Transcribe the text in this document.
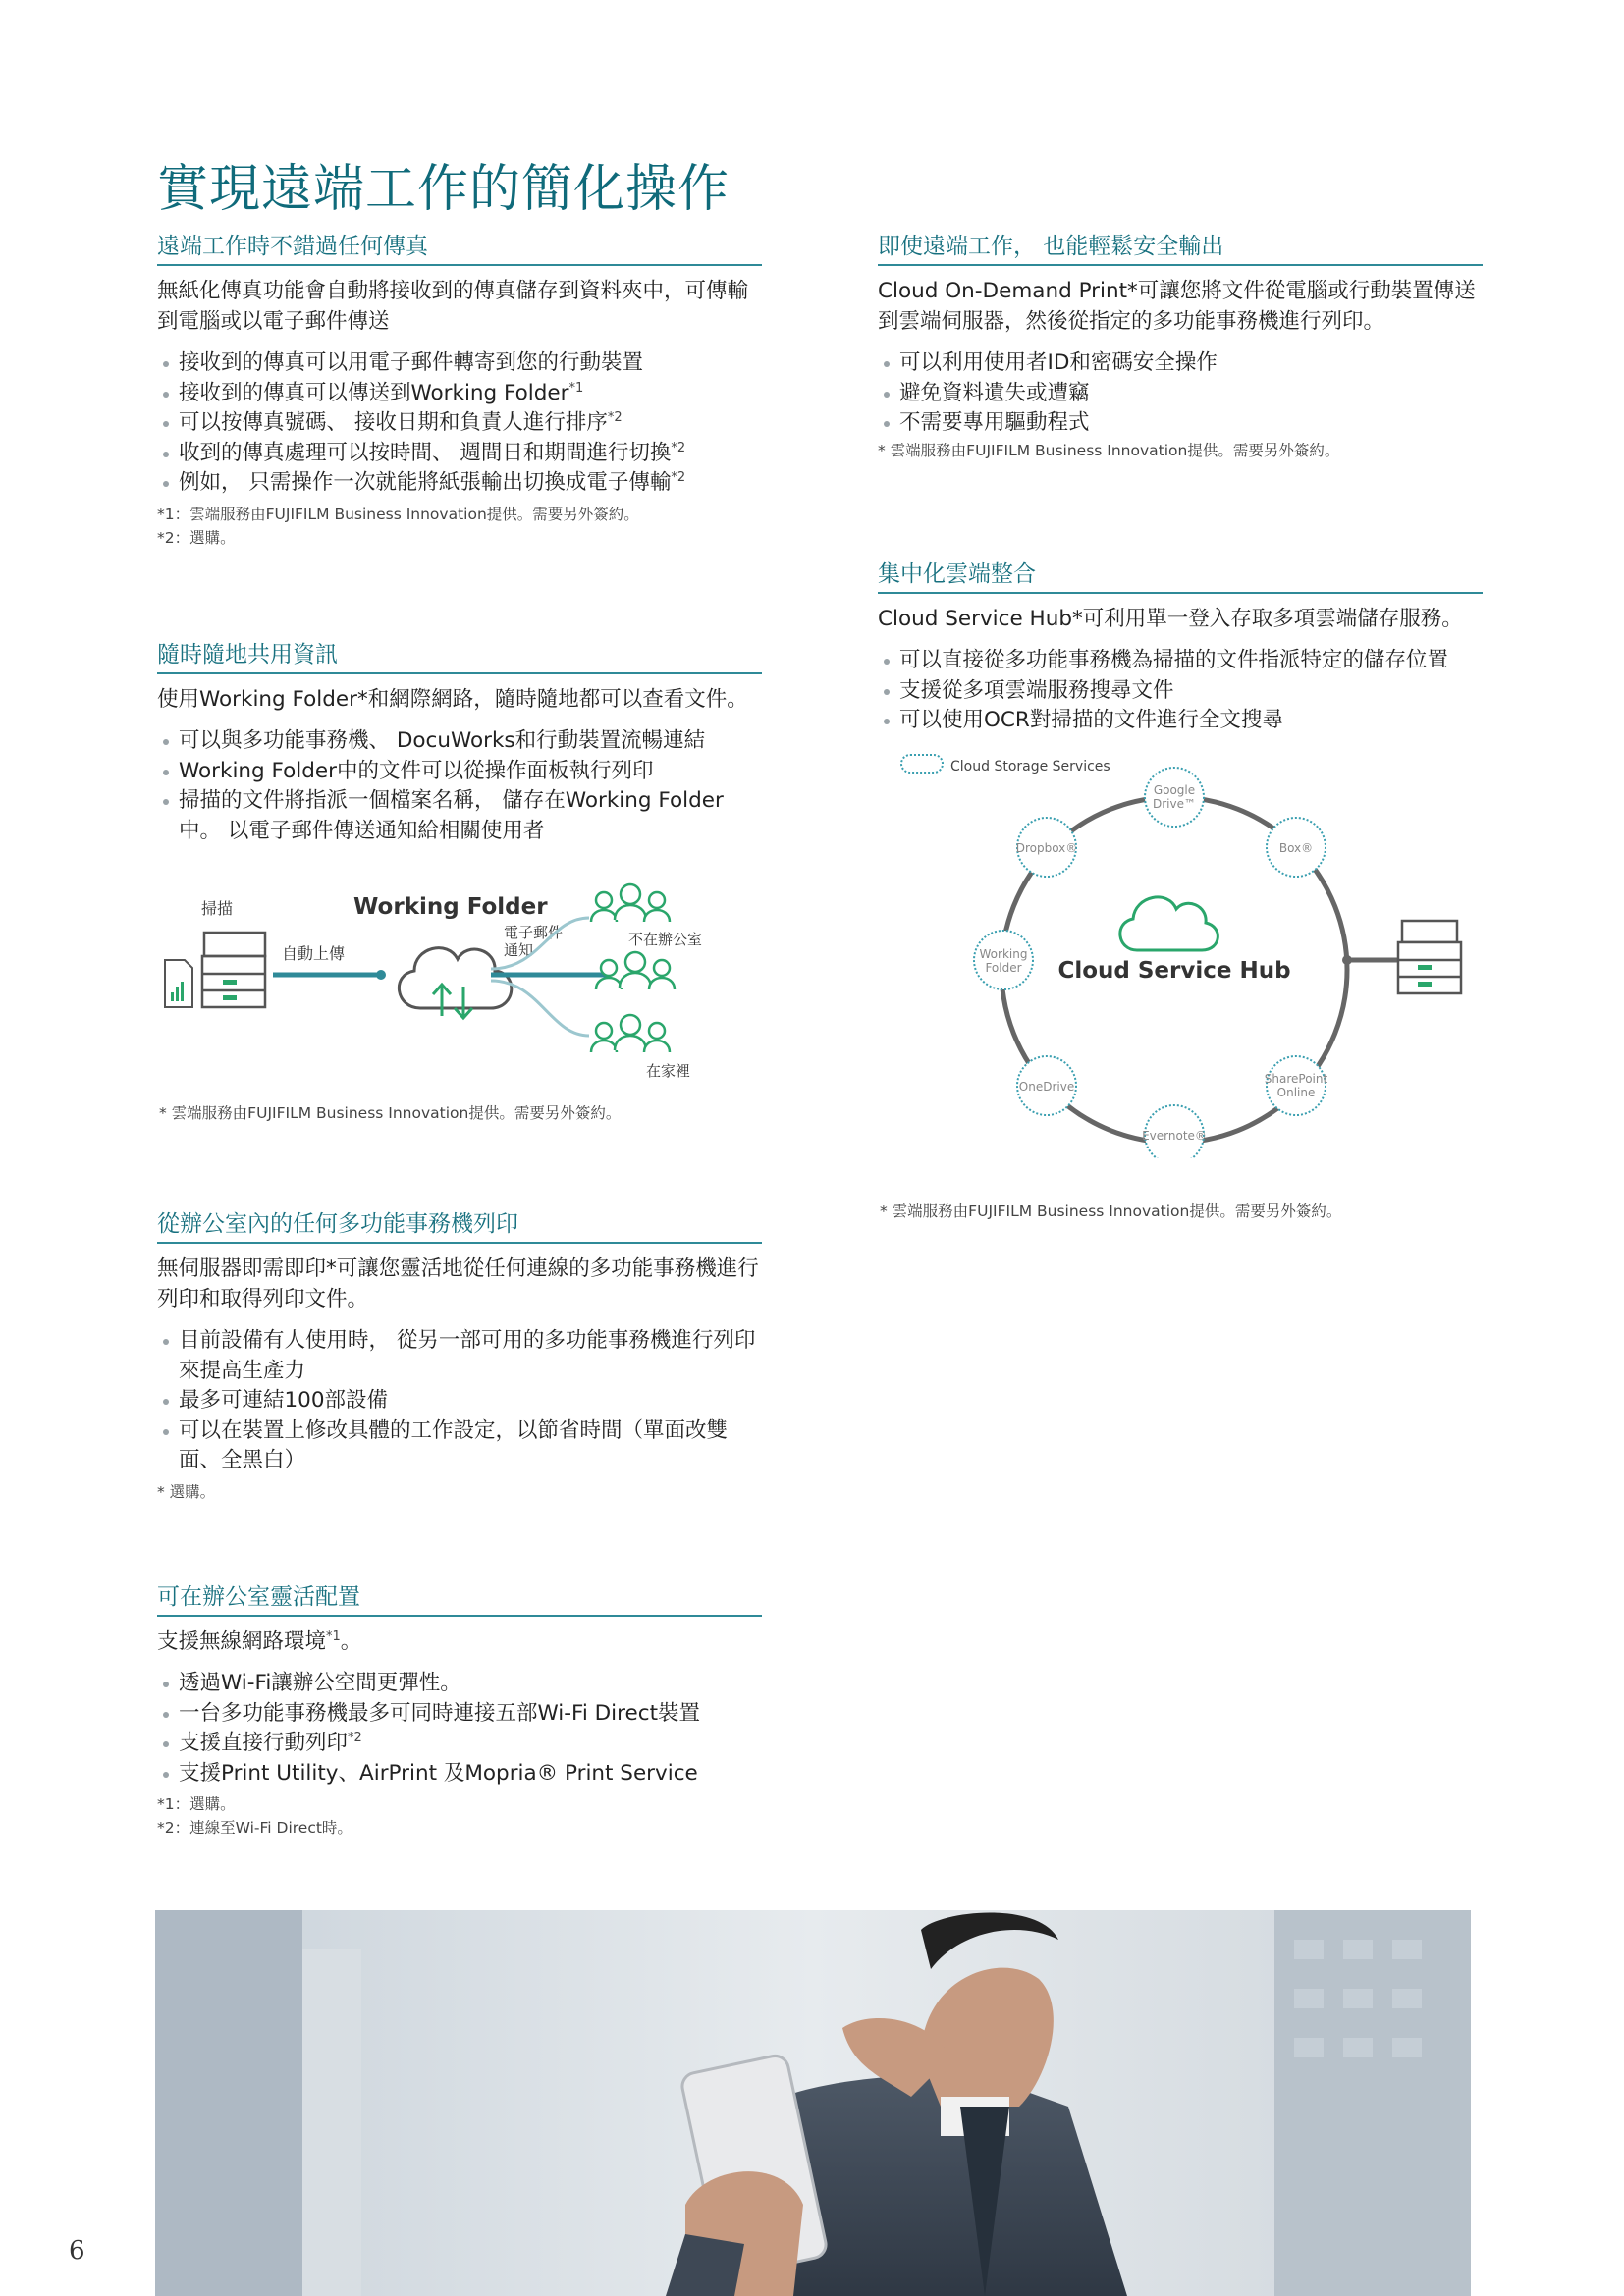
實現遠端工作的簡化操作
遠端工作時不錯過任何傳真
無紙化傳真功能會自動將接收到的傳真儲存到資料夾中，可傳輸到電腦或以電子郵件傳送
接收到的傳真可以用電子郵件轉寄到您的行動裝置
接收到的傳真可以傳送到Working Folder$^{*1}$
可以按傳真號碼、 接收日期和負責人進行排序$^{*2}$
收到的傳真處理可以按時間、 週間日和期間進行切換$^{*2}$
例如， 只需操作一次就能將紙張輸出切換成電子傳輸$^{*2}$
*1：雲端服務由FUJIFILM Business Innovation提供。需要另外簽約。
*2：選購。
隨時隨地共用資訊
使用Working Folder*和網際網路，隨時隨地都可以查看文件。
可以與多功能事務機、 DocuWorks和行動裝置流暢連結
Working Folder中的文件可以從操作面板執行列印
掃描的文件將指派一個檔案名稱， 儲存在Working Folder中。 以電子郵件傳送通知給相關使用者
掃描	Working Folder
自動上傳
電子郵件
通知
不在辦公室
在家裡
* 雲端服務由FUJIFILM Business Innovation提供。需要另外簽約。
從辦公室內的任何多功能事務機列印
無伺服器即需即印*可讓您靈活地從任何連線的多功能事務機進行列印和取得列印文件。
目前設備有人使用時， 從另一部可用的多功能事務機進行列印來提高生產力
最多可連結100部設備
可以在裝置上修改具體的工作設定，以節省時間（單面改雙面、全黑白）
* 選購。
可在辦公室靈活配置
支援無線網路環境$^{*1}$。
透過Wi-Fi讓辦公空間更彈性。
一台多功能事務機最多可同時連接五部Wi-Fi Direct裝置
支援直接行動列印$^{*2}$
支援Print Utility、AirPrint 及Mopria® Print Service
*1：選購。
*2：連線至Wi-Fi Direct時。
即使遠端工作， 也能輕鬆安全輸出
Cloud On-Demand Print*可讓您將文件從電腦或行動裝置傳送到雲端伺服器，然後從指定的多功能事務機進行列印。
可以利用使用者ID和密碼安全操作
避免資料遺失或遭竊
不需要專用驅動程式
* 雲端服務由FUJIFILM Business Innovation提供。需要另外簽約。
集中化雲端整合
Cloud Service Hub*可利用單一登入存取多項雲端儲存服務。
可以直接從多功能事務機為掃描的文件指派特定的儲存位置
支援從多項雲端服務搜尋文件
可以使用OCR對掃描的文件進行全文搜尋
Cloud Storage Services
Cloud Service Hub
Google
Drive™
Dropbox®	Box®
Working
Folder
OneDrive
SharePoint
Online
Evernote®
* 雲端服務由FUJIFILM Business Innovation提供。需要另外簽約。
6
